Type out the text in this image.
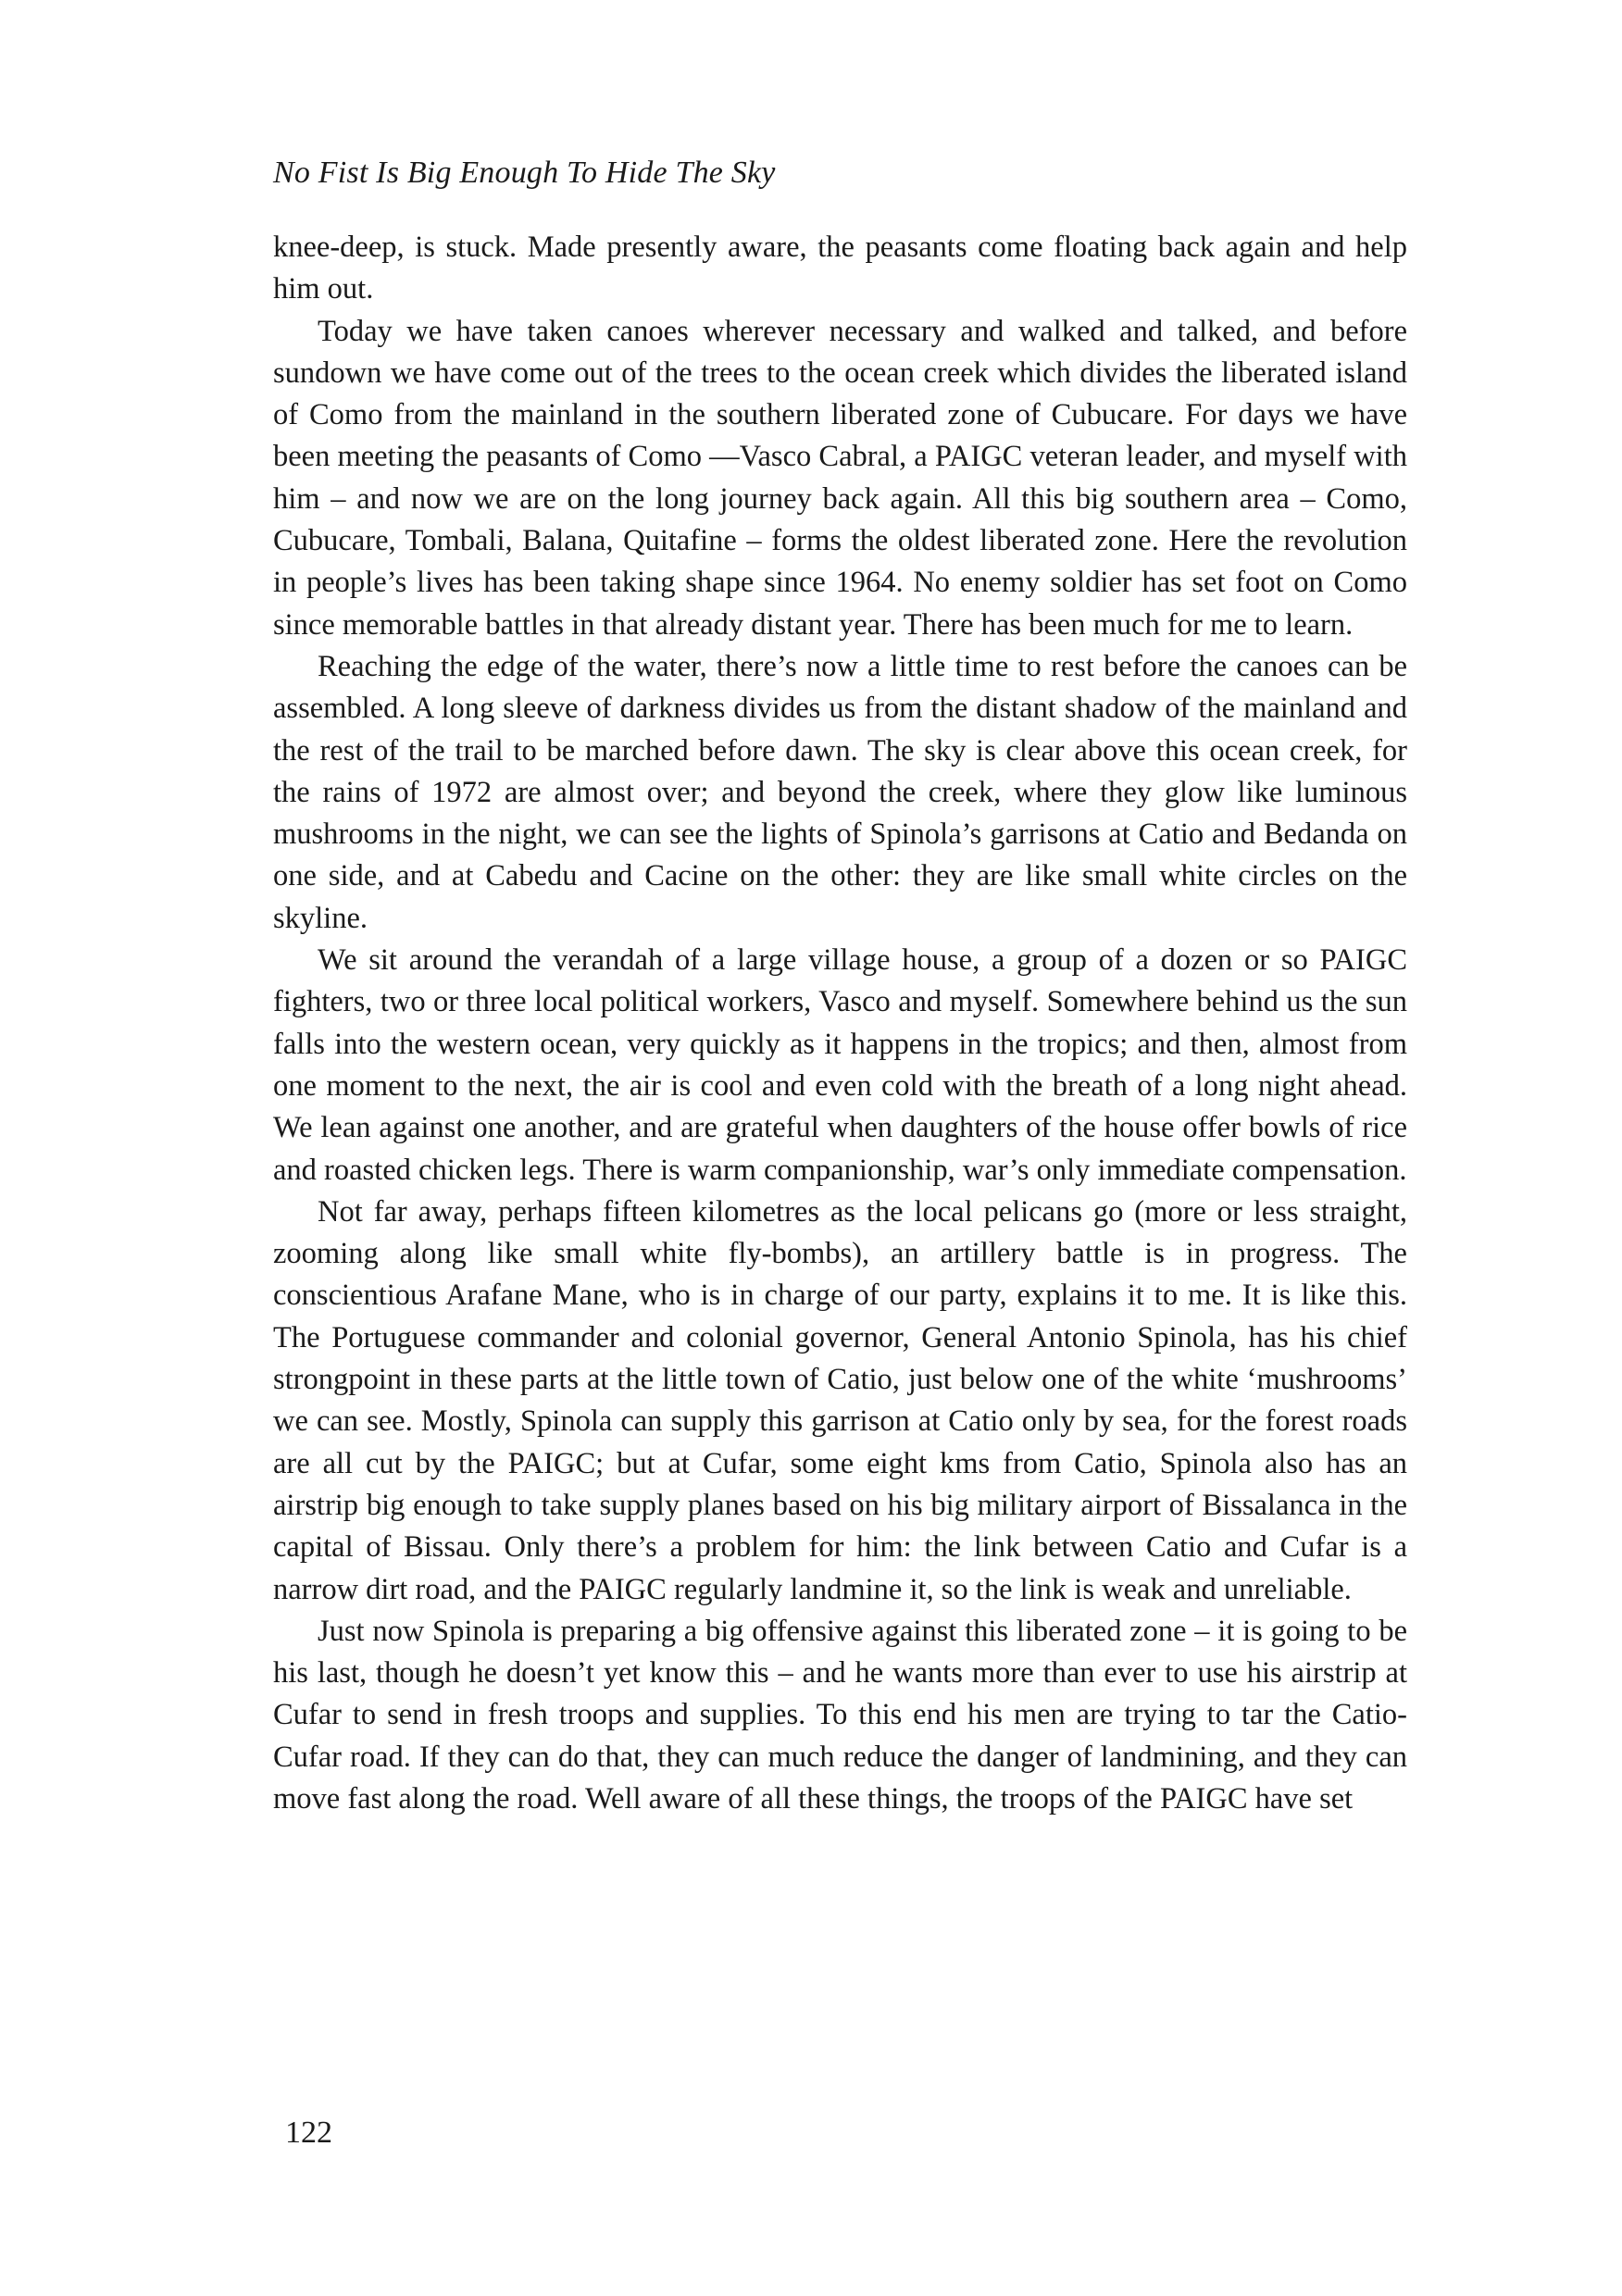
No Fist Is Big Enough To Hide The Sky

knee-deep, is stuck. Made presently aware, the peasants come floating back again and help him out.

Today we have taken canoes wherever necessary and walked and talked, and before sundown we have come out of the trees to the ocean creek which divides the liberated island of Como from the mainland in the southern liberated zone of Cubucare. For days we have been meeting the peasants of Como —Vasco Cabral, a PAIGC veteran leader, and myself with him – and now we are on the long journey back again. All this big southern area – Como, Cubucare, Tombali, Balana, Quitafine – forms the oldest liberated zone. Here the revolution in people’s lives has been taking shape since 1964. No enemy soldier has set foot on Como since memorable battles in that already distant year. There has been much for me to learn.

Reaching the edge of the water, there’s now a little time to rest before the canoes can be assembled. A long sleeve of darkness divides us from the distant shadow of the mainland and the rest of the trail to be marched before dawn. The sky is clear above this ocean creek, for the rains of 1972 are almost over; and beyond the creek, where they glow like luminous mushrooms in the night, we can see the lights of Spinola’s garrisons at Catio and Bedanda on one side, and at Cabedu and Cacine on the other: they are like small white circles on the skyline.

We sit around the verandah of a large village house, a group of a dozen or so PAIGC fighters, two or three local political workers, Vasco and myself. Somewhere behind us the sun falls into the western ocean, very quickly as it happens in the tropics; and then, almost from one moment to the next, the air is cool and even cold with the breath of a long night ahead. We lean against one another, and are grateful when daughters of the house offer bowls of rice and roasted chicken legs. There is warm companionship, war’s only immediate compensation.

Not far away, perhaps fifteen kilometres as the local pelicans go (more or less straight, zooming along like small white fly-bombs), an artillery battle is in progress. The conscientious Arafane Mane, who is in charge of our party, explains it to me. It is like this. The Portuguese commander and colonial governor, General Antonio Spinola, has his chief strongpoint in these parts at the little town of Catio, just below one of the white ‘mushrooms’ we can see. Mostly, Spinola can supply this garrison at Catio only by sea, for the forest roads are all cut by the PAIGC; but at Cufar, some eight kms from Catio, Spinola also has an airstrip big enough to take supply planes based on his big military airport of Bissalanca in the capital of Bissau. Only there’s a problem for him: the link between Catio and Cufar is a narrow dirt road, and the PAIGC regularly landmine it, so the link is weak and unreliable.

Just now Spinola is preparing a big offensive against this liberated zone – it is going to be his last, though he doesn’t yet know this – and he wants more than ever to use his airstrip at Cufar to send in fresh troops and supplies. To this end his men are trying to tar the Catio-Cufar road. If they can do that, they can much reduce the danger of landmining, and they can move fast along the road. Well aware of all these things, the troops of the PAIGC have set

122
